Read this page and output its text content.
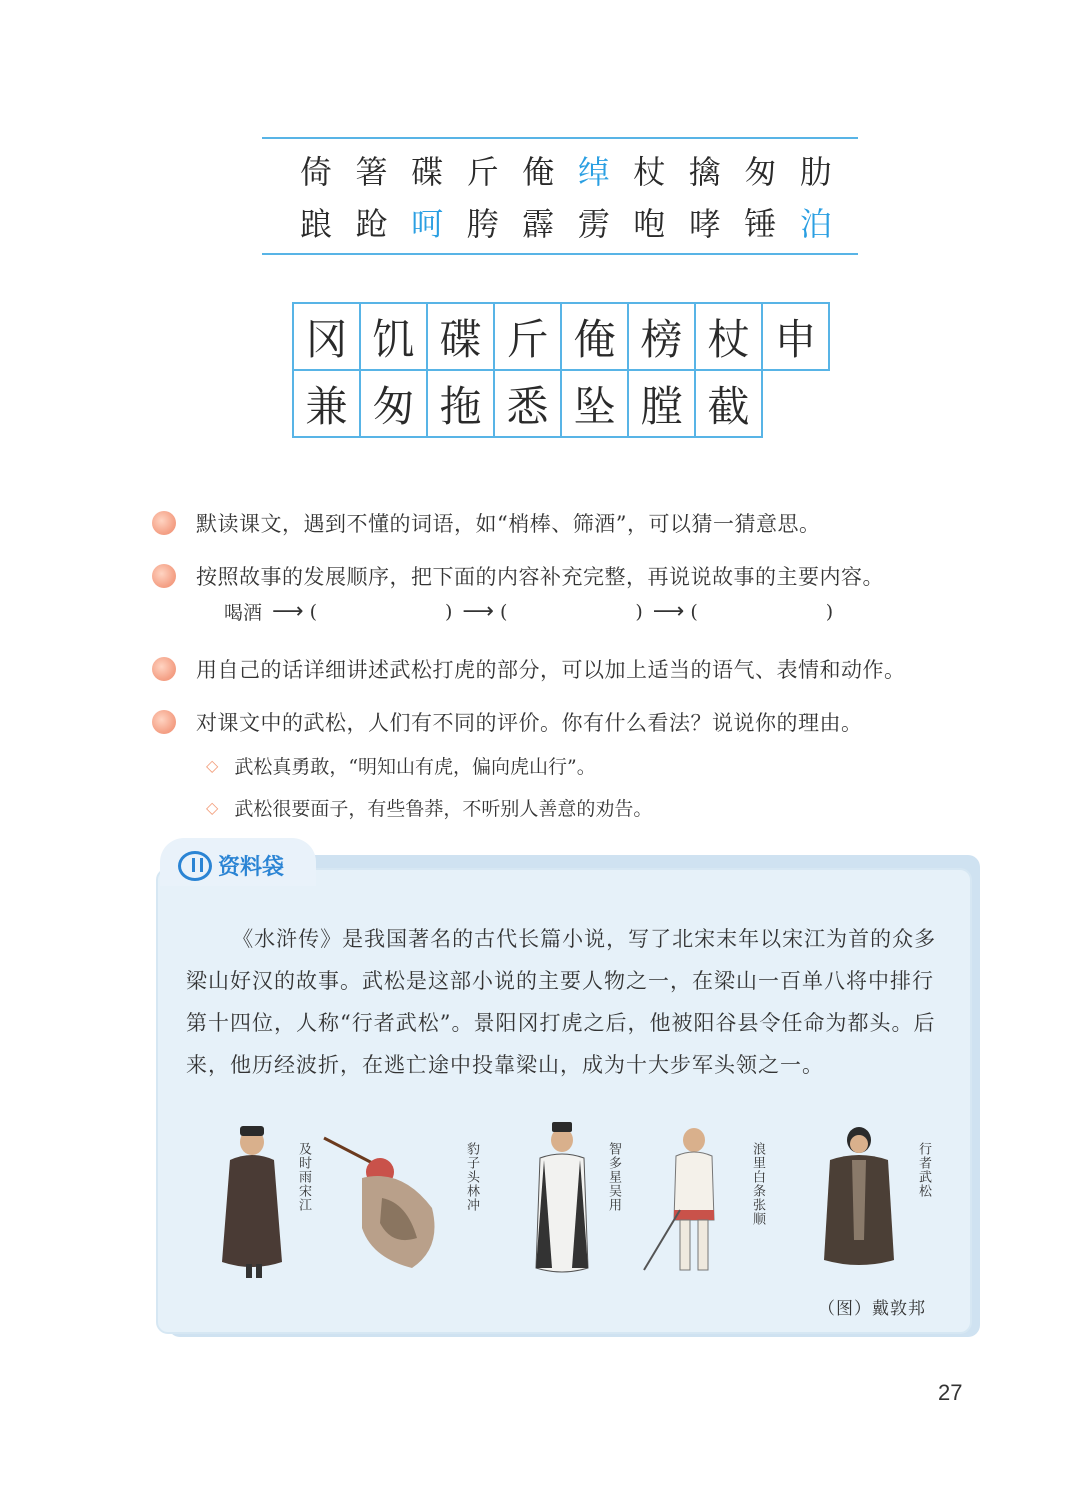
倚 箸 碟 斤 俺 绰 杖 擒 匆 肋
踉 跄 呵 胯 霹 雳 咆 哮 锤 泊
冈 饥 碟 斤 俺 榜 杖 申
兼 匆 拖 悉 坠 膛 截
默读课文，遇到不懂的词语，如“梢棒、筛酒”，可以猜一猜意思。
按照故事的发展顺序，把下面的内容补充完整，再说说故事的主要内容。
喝酒 ⟶ (	) ⟶ (	) ⟶ (	)
用自己的话详细讲述武松打虎的部分，可以加上适当的语气、表情和动作。
对课文中的武松，人们有不同的评价。你有什么看法？说说你的理由。
◇ 武松真勇敢，“明知山有虎，偏向虎山行”。
◇ 武松很要面子，有些鲁莽，不听别人善意的劝告。
资料袋

《水浒传》是我国著名的古代长篇小说，写了北宋末年以宋江为首的众多梁山好汉的故事。武松是这部小说的主要人物之一，在梁山一百单八将中排行第十四位，人称“行者武松”。景阳冈打虎之后，他被阳谷县令任命为都头。后来，他历经波折，在逃亡途中投靠梁山，成为十大步军头领之一。

及时雨宋江	豹子头林冲	智多星吴用	浪里白条张顺	行者武松
（图）戴敦邦
27
